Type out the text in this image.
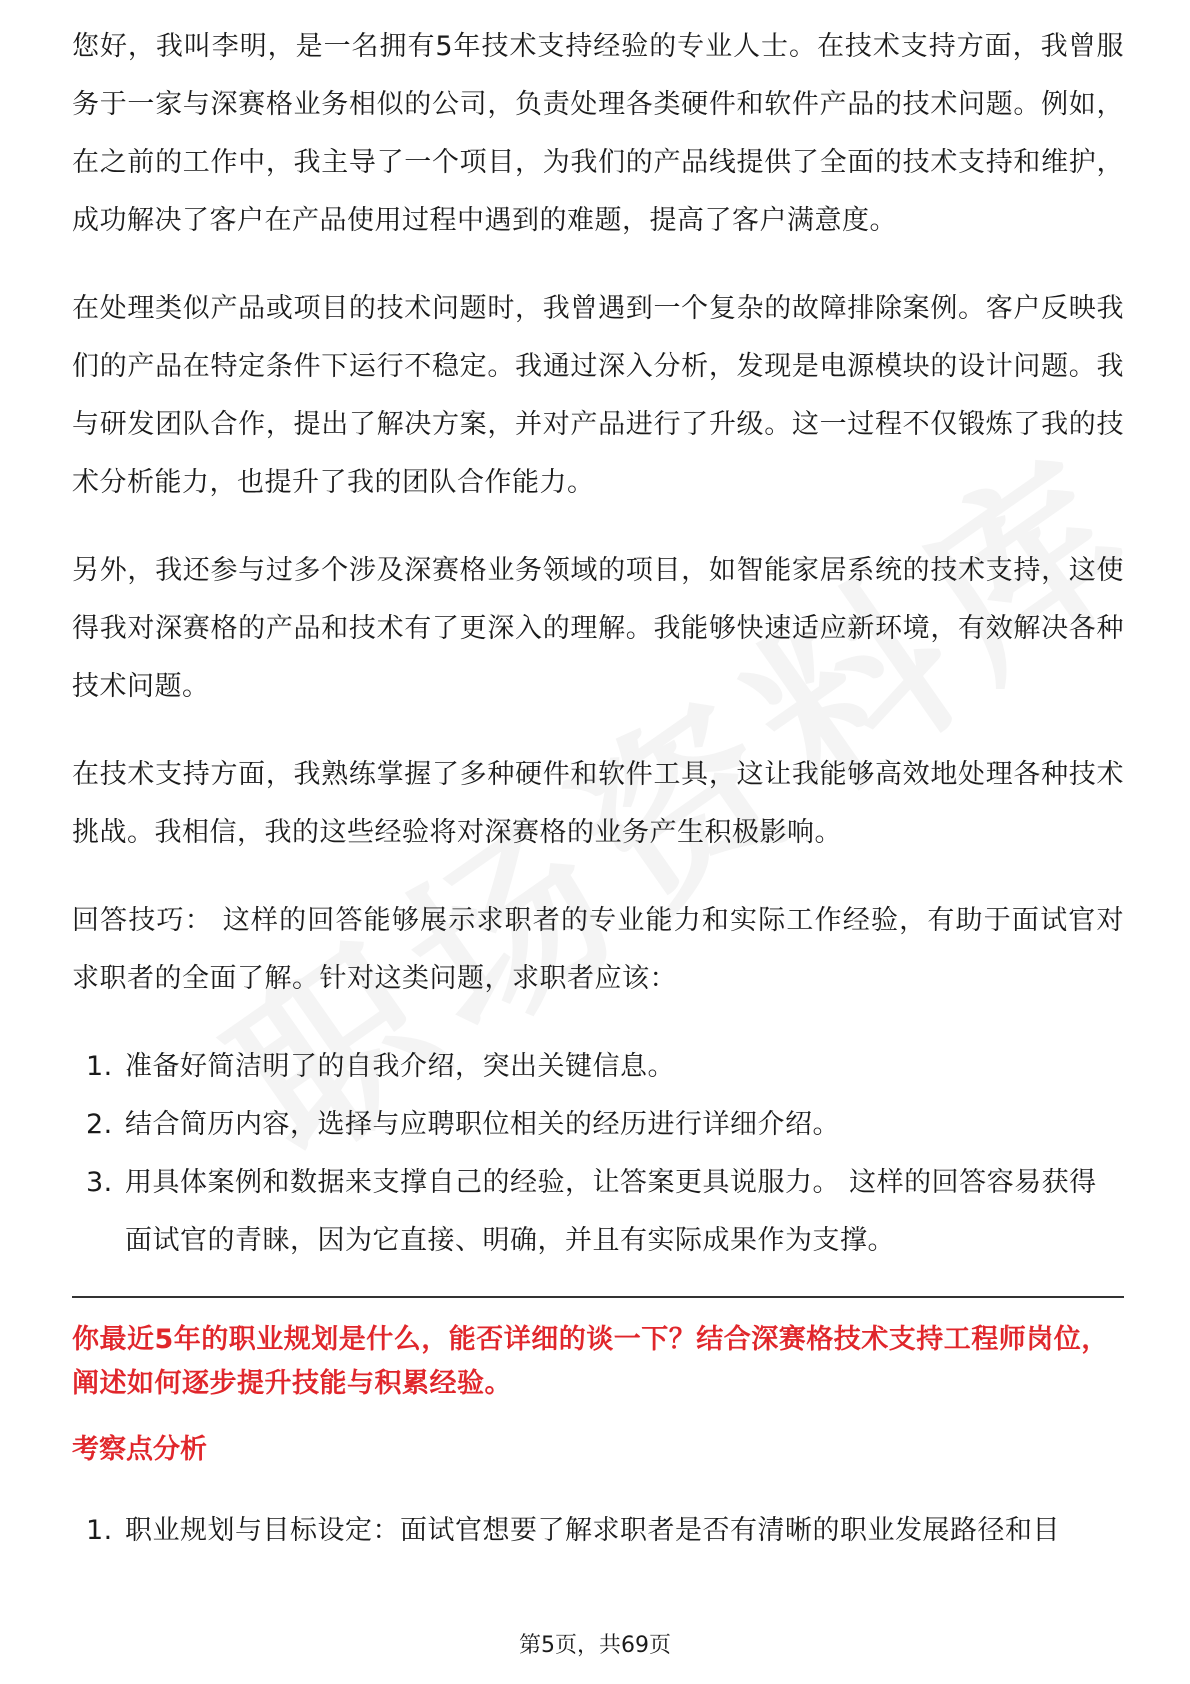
您好，我叫李明，是一名拥有5年技术支持经验的专业人士。在技术支持方面，我曾服务于一家与深赛格业务相似的公司，负责处理各类硬件和软件产品的技术问题。例如，在之前的工作中，我主导了一个项目，为我们的产品线提供了全面的技术支持和维护，成功解决了客户在产品使用过程中遇到的难题，提高了客户满意度。

在处理类似产品或项目的技术问题时，我曾遇到一个复杂的故障排除案例。客户反映我们的产品在特定条件下运行不稳定。我通过深入分析，发现是电源模块的设计问题。我与研发团队合作，提出了解决方案，并对产品进行了升级。这一过程不仅锻炼了我的技术分析能力，也提升了我的团队合作能力。

另外，我还参与过多个涉及深赛格业务领域的项目，如智能家居系统的技术支持，这使得我对深赛格的产品和技术有了更深入的理解。我能够快速适应新环境，有效解决各种技术问题。

在技术支持方面，我熟练掌握了多种硬件和软件工具，这让我能够高效地处理各种技术挑战。我相信，我的这些经验将对深赛格的业务产生积极影响。

回答技巧： 这样的回答能够展示求职者的专业能力和实际工作经验，有助于面试官对求职者的全面了解。针对这类问题，求职者应该：

1. 准备好简洁明了的自我介绍，突出关键信息。
2. 结合简历内容，选择与应聘职位相关的经历进行详细介绍。
3. 用具体案例和数据来支撑自己的经验，让答案更具说服力。 这样的回答容易获得面试官的青睐，因为它直接、明确，并且有实际成果作为支撑。
你最近5年的职业规划是什么，能否详细的谈一下？结合深赛格技术支持工程师岗位，阐述如何逐步提升技能与积累经验。
考察点分析
1. 职业规划与目标设定：面试官想要了解求职者是否有清晰的职业发展路径和目
第5页，共69页
